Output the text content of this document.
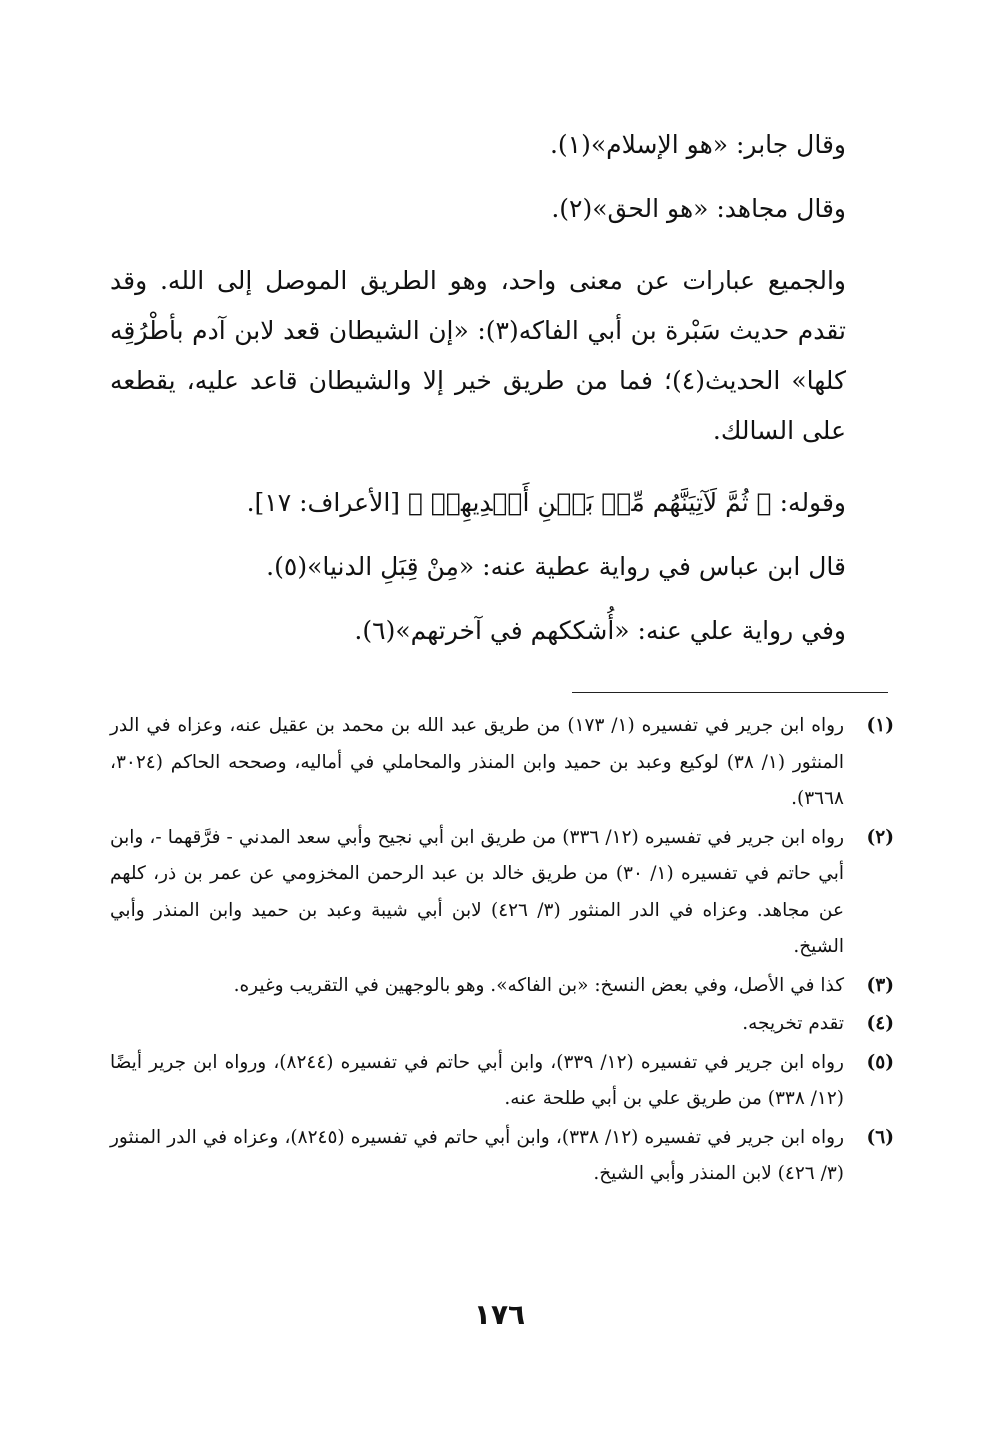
وقال جابر: «هو الإسلام»(١).

وقال مجاهد: «هو الحق»(٢).

والجميع عبارات عن معنى واحد، وهو الطريق الموصل إلى الله. وقد تقدم حديث سَبْرة بن أبي الفاكه(٣): «إن الشيطان قعد لابن آدم بأطْرُقِه كلها» الحديث(٤)؛ فما من طريق خير إلا والشيطان قاعد عليه، يقطعه على السالك.

وقوله: ﴿ ثُمَّ لَآتِيَنَّهُم مِّنۢ بَيۡنِ أَيۡدِيهِمۡ ﴾ [الأعراف: ١٧].

قال ابن عباس في رواية عطية عنه: «مِنْ قِبَلِ الدنيا»(٥).

وفي رواية علي عنه: «أُشككهم في آخرتهم»(٦).

(١)
رواه ابن جرير في تفسيره (١/ ١٧٣) من طريق عبد الله بن محمد بن عقيل عنه، وعزاه في الدر المنثور (١/ ٣٨) لوكيع وعبد بن حميد وابن المنذر والمحاملي في أماليه، وصححه الحاكم (٣٠٢٤، ٣٦٦٨).
(٢)
رواه ابن جرير في تفسيره (١٢/ ٣٣٦) من طريق ابن أبي نجيح وأبي سعد المدني - فرَّقهما -، وابن أبي حاتم في تفسيره (١/ ٣٠) من طريق خالد بن عبد الرحمن المخزومي عن عمر بن ذر، كلهم عن مجاهد. وعزاه في الدر المنثور (٣/ ٤٢٦) لابن أبي شيبة وعبد بن حميد وابن المنذر وأبي الشيخ.
(٣)
كذا في الأصل، وفي بعض النسخ: «بن الفاكه». وهو بالوجهين في التقريب وغيره.
(٤)
تقدم تخريجه.
(٥)
رواه ابن جرير في تفسيره (١٢/ ٣٣٩)، وابن أبي حاتم في تفسيره (٨٢٤٤)، ورواه ابن جرير أيضًا (١٢/ ٣٣٨) من طريق علي بن أبي طلحة عنه.
(٦)
رواه ابن جرير في تفسيره (١٢/ ٣٣٨)، وابن أبي حاتم في تفسيره (٨٢٤٥)، وعزاه في الدر المنثور (٣/ ٤٢٦) لابن المنذر وأبي الشيخ.
١٧٦
